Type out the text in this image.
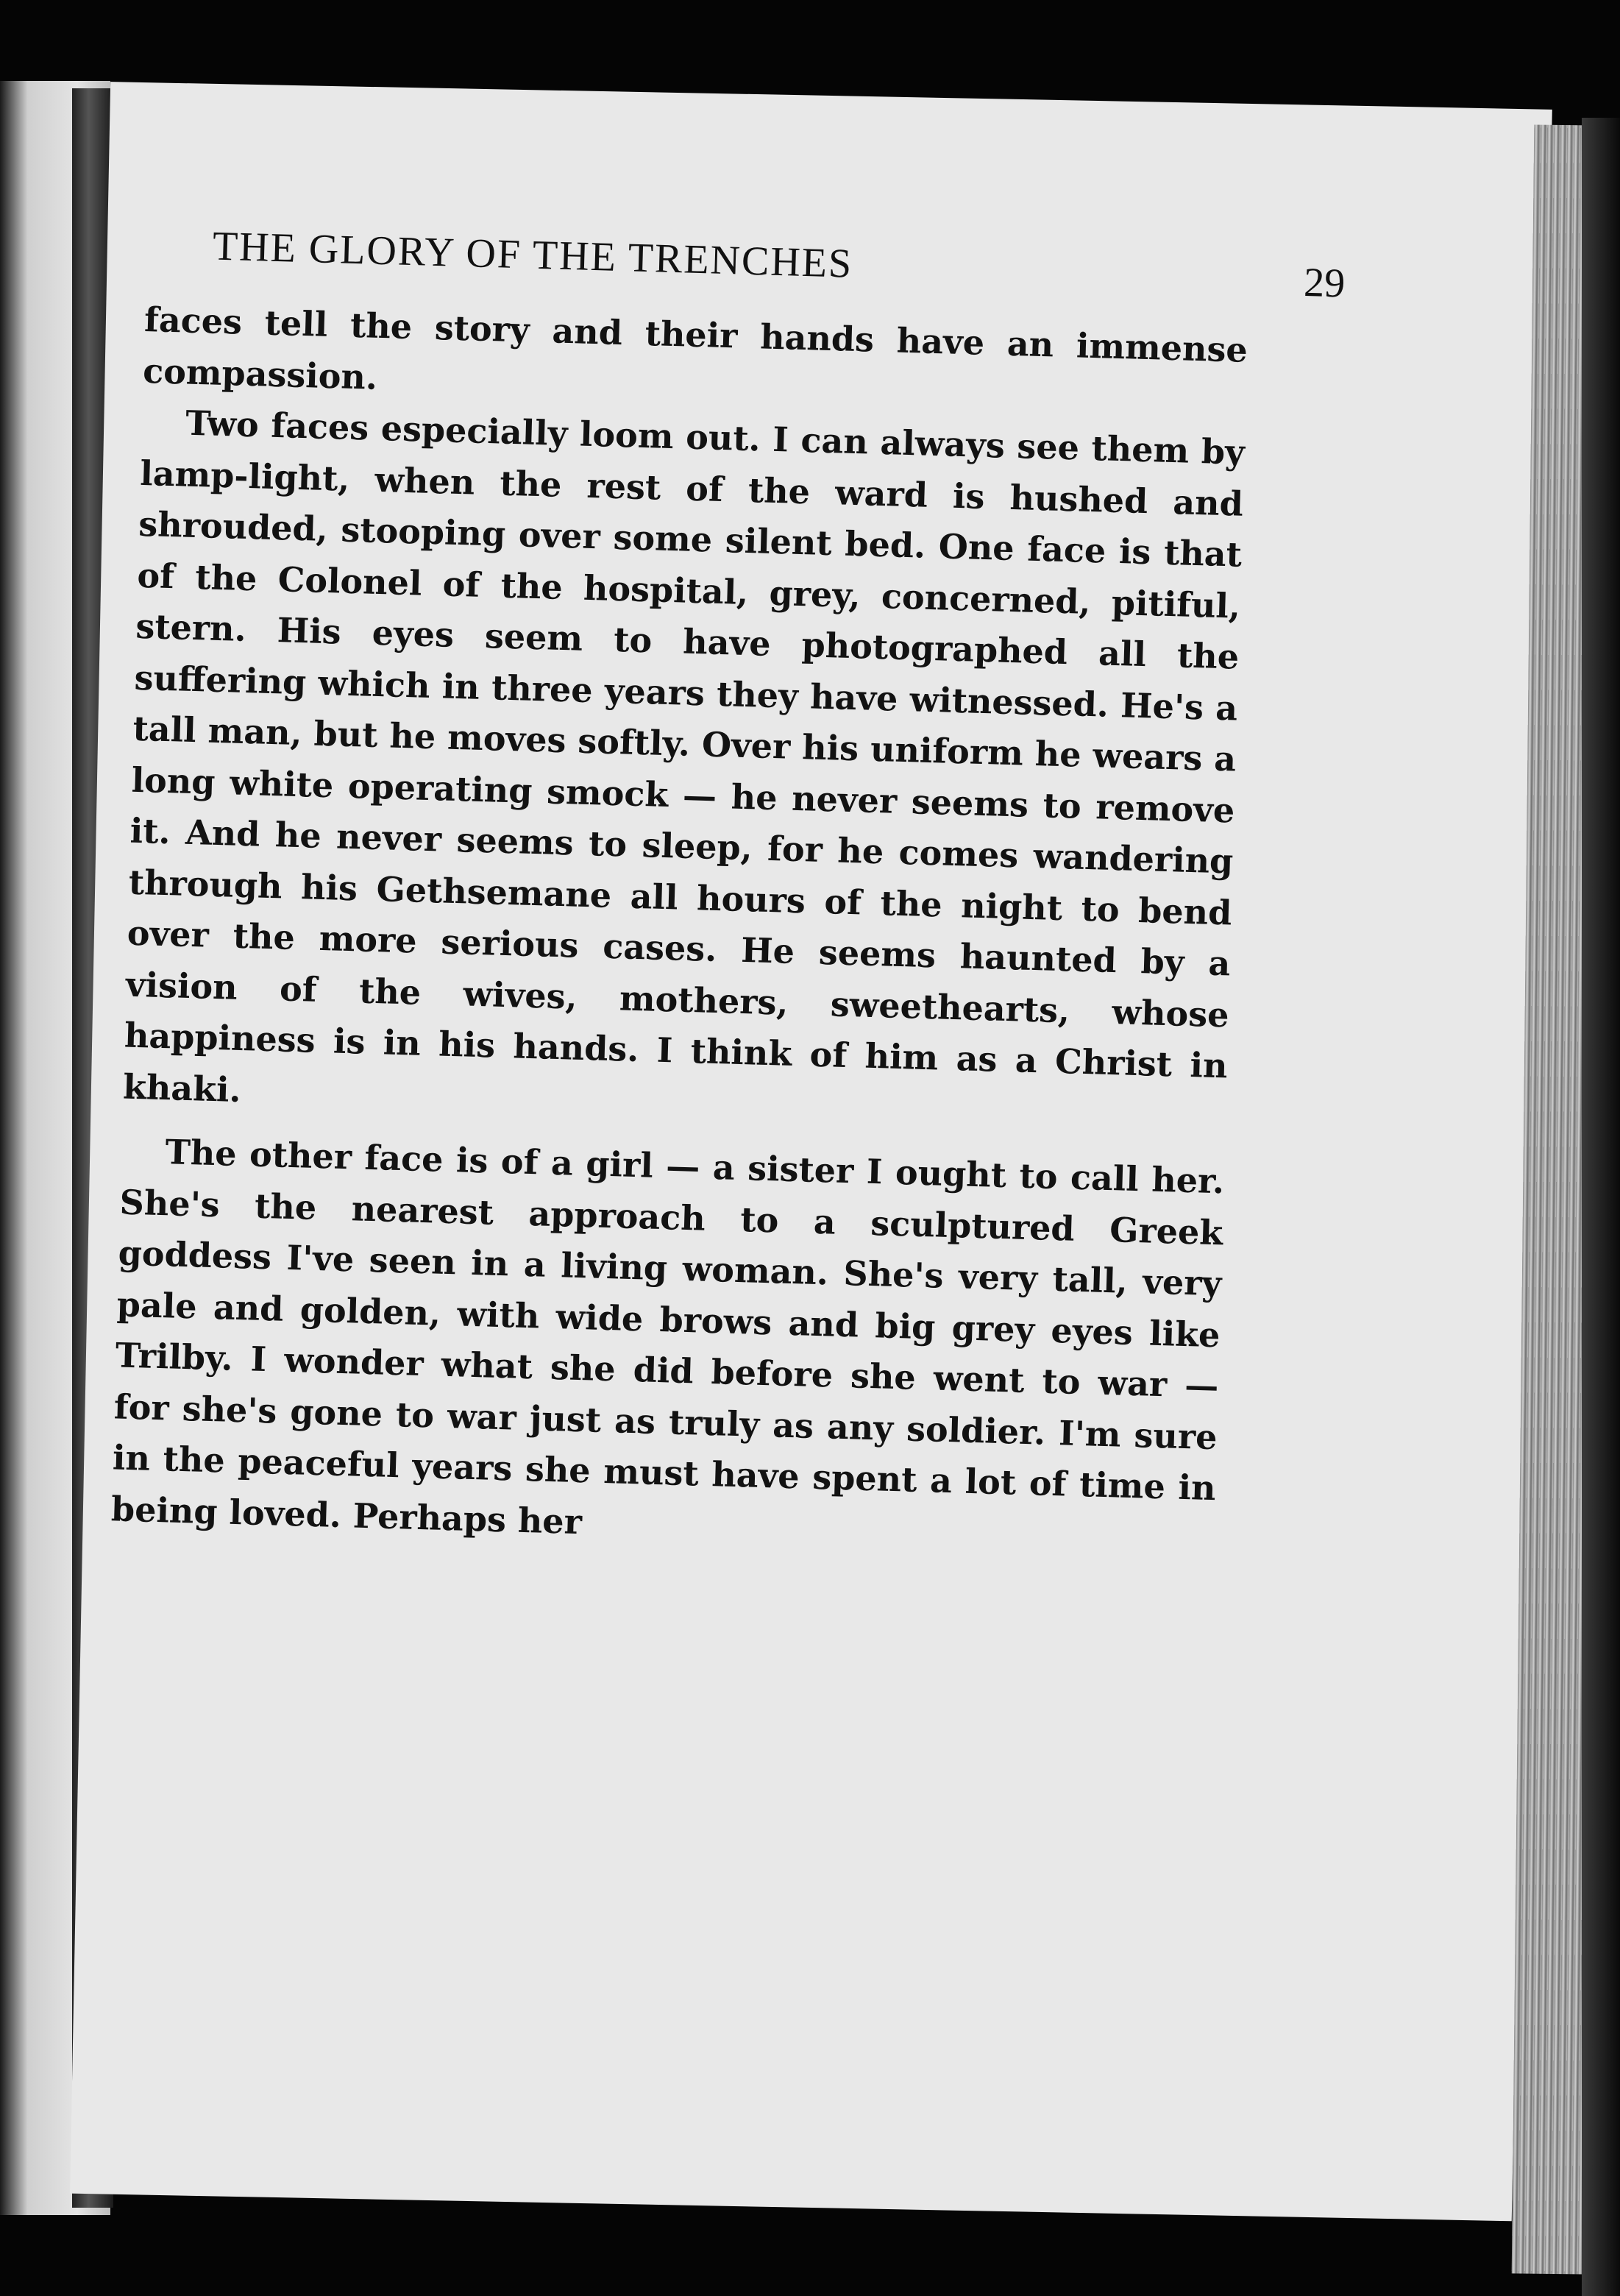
THE GLORY OF THE TRENCHES	29

faces tell the story and their hands have an immense compassion.

Two faces especially loom out. I can always see them by lamp-light, when the rest of the ward is hushed and shrouded, stooping over some silent bed. One face is that of the Colonel of the hospital, grey, concerned, pitiful, stern. His eyes seem to have photographed all the suffering which in three years they have witnessed. He's a tall man, but he moves softly. Over his uniform he wears a long white operating smock — he never seems to remove it. And he never seems to sleep, for he comes wandering through his Gethsemane all hours of the night to bend over the more serious cases. He seems haunted by a vision of the wives, mothers, sweethearts, whose happiness is in his hands. I think of him as a Christ in khaki.

The other face is of a girl — a sister I ought to call her. She's the nearest approach to a sculptured Greek goddess I've seen in a living woman. She's very tall, very pale and golden, with wide brows and big grey eyes like Trilby. I wonder what she did before she went to war — for she's gone to war just as truly as any soldier. I'm sure in the peaceful years she must have spent a lot of time in being loved. Perhaps her
